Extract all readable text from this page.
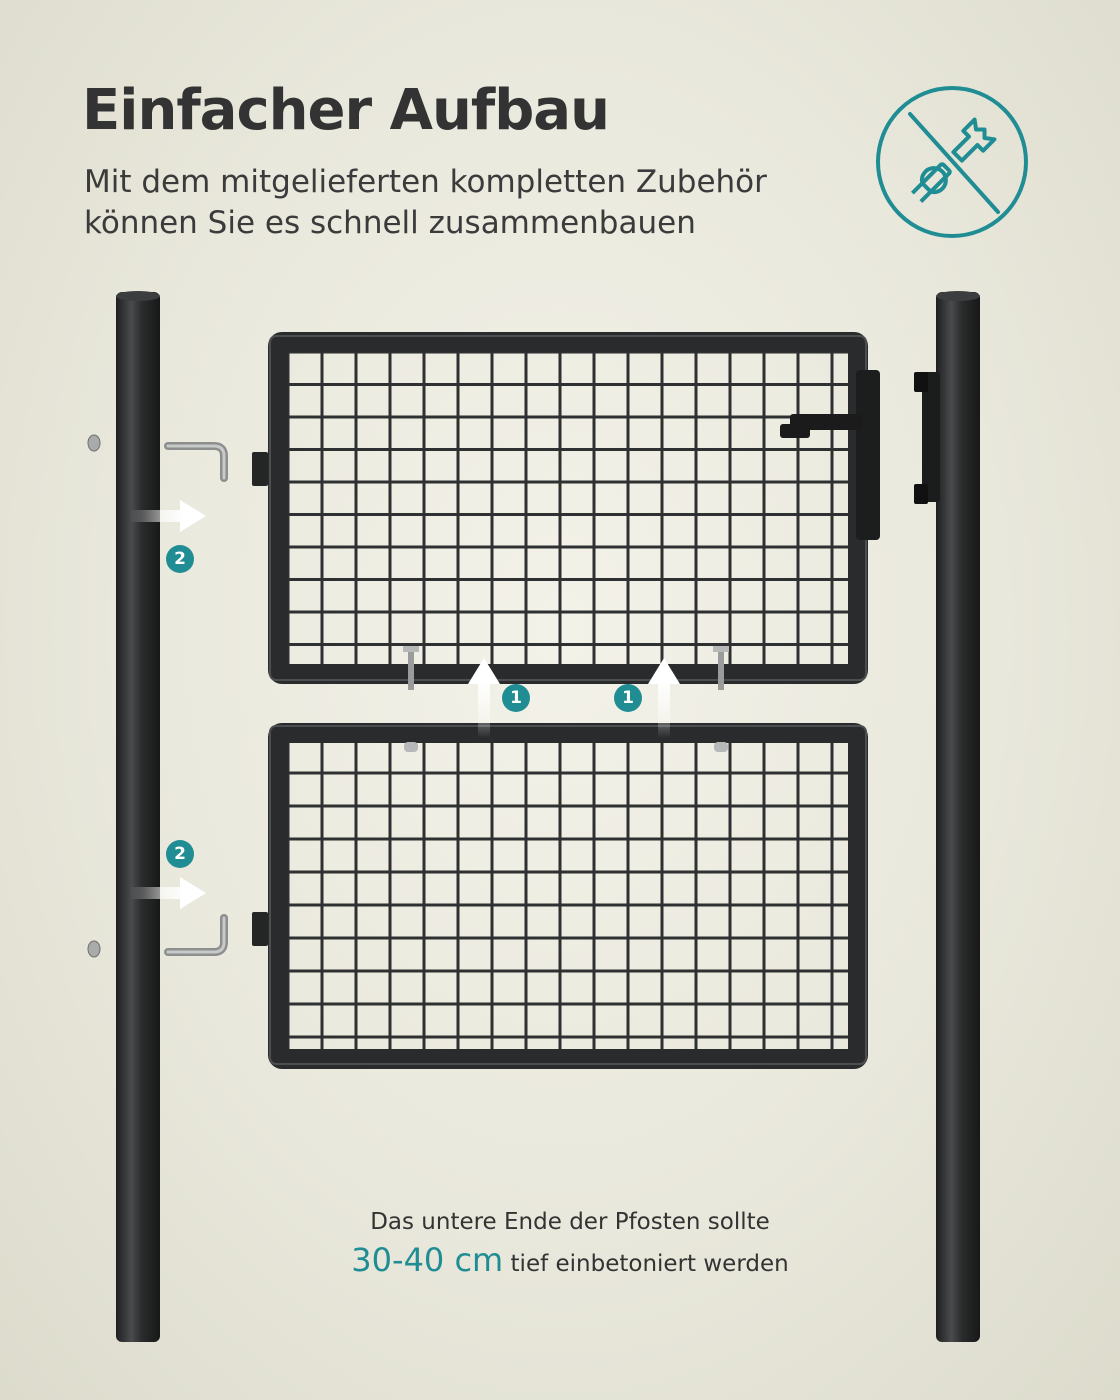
Einfacher Aufbau

Mit dem mitgelieferten kompletten Zubehör
können Sie es schnell zusammenbauen

2
2
1	1
Das untere Ende der Pfosten sollte
30-40 cm tief einbetoniert werden
